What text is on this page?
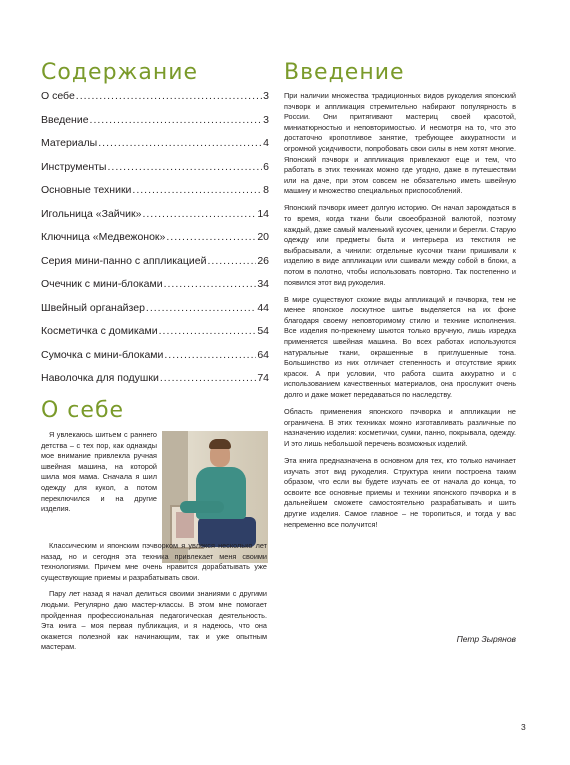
Содержание
О себе .....	3
Введение .....	3
Материалы .....	4
Инструменты .....	6
Основные техники .....	8
Игольница «Зайчик» .....	14
Ключница «Медвежонок» .....	20
Серия мини-панно с аппликацией .....	26
Очечник с мини-блоками .....	34
Швейный органайзер .....	44
Косметичка с домиками .....	54
Сумочка с мини-блоками .....	64
Наволочка для подушки .....	74
О себе

Я увлекаюсь шитьем с раннего детства – с тех пор, как однажды мое внимание привлекла ручная швейная машина, на которой шила моя мама. Сначала я шил одежду для кукол, а потом переключился и на другие изделия.

Классическим и японским пэчворком я увлекся несколько лет назад, но и сегодня эта техника привлекает меня своими технологиями. Причем мне очень нравится дорабатывать уже существующие приемы и разрабатывать свои.

Пару лет назад я начал делиться своими знаниями с другими людьми. Регулярно даю мастер-классы. В этом мне помогает пройденная профессиональная педагогическая деятельность. Эта книга – моя первая публикация, и я надеюсь, что она окажется полезной как начинающим, так и уже опытным мастерам.

Введение

При наличии множества традиционных видов рукоделия японский пэчворк и аппликация стремительно набирают популярность в России. Они притягивают мастериц своей красотой, миниатюрностью и неповторимостью. И несмотря на то, что это достаточно кропотливое занятие, требующее аккуратности и огромной усидчивости, попробовать свои силы в нем хотят многие. Японский пэчворк и аппликация привлекают еще и тем, что работать в этих техниках можно где угодно, даже в путешествии или на даче, при этом совсем не обязательно иметь швейную машину и множество специальных приспособлений.

Японский пэчворк имеет долгую историю. Он начал зарождаться в то время, когда ткани были своеобразной валютой, поэтому каждый, даже самый маленький кусочек, ценили и берегли. Старую одежду или предметы быта и интерьера из текстиля не выбрасывали, а чинили: отдельные кусочки ткани пришивали к изделию в виде аппликации или сшивали между собой в блоки, а потом в полотно, чтобы использовать повторно. Так постепенно и появился этот вид рукоделия.

В мире существуют схожие виды аппликаций и пэчворка, тем не менее японское лоскутное шитье выделяется на их фоне благодаря своему неповторимому стилю и технике исполнения. Все изделия по-прежнему шьются только вручную, лишь изредка применяется швейная машина. Во всех работах используются натуральные ткани, окрашенные в приглушенные тона. Большинство из них отличает степенность и отсутствие ярких красок. А при условии, что работа сшита аккуратно и с использованием качественных материалов, она прослужит очень долго и даже может передаваться по наследству.

Область применения японского пэчворка и аппликации не ограничена. В этих техниках можно изготавливать различные по назначению изделия: косметички, сумки, панно, покрывала, одежду. И это лишь небольшой перечень возможных изделий.

Эта книга предназначена в основном для тех, кто только начинает изучать этот вид рукоделия. Структура книги построена таким образом, что если вы будете изучать ее от начала до конца, то освоите все основные приемы и техники японского пэчворка и в дальнейшем сможете самостоятельно разрабатывать и шить другие изделия. Самое главное – не торопиться, и тогда у вас непременно все получится!

Петр Зырянов
3
